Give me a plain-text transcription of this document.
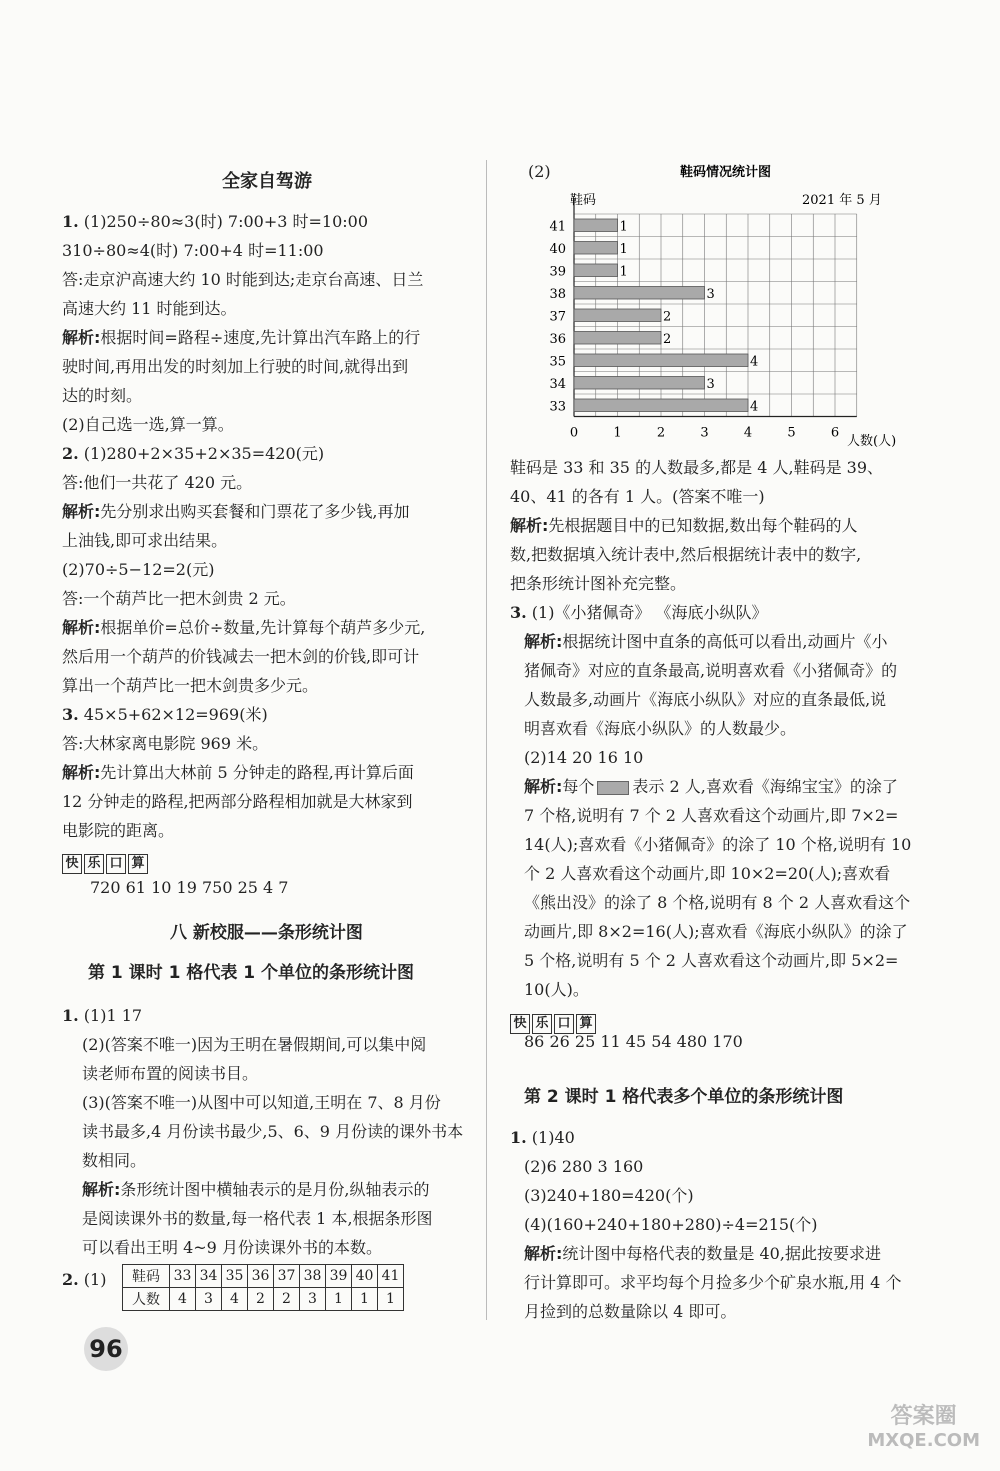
全家自驾游
1. (1)250÷80≈3(时) 7:00+3 时=10:00
310÷80≈4(时) 7:00+4 时=11:00
答:走京沪高速大约 10 时能到达;走京台高速、日兰
高速大约 11 时能到达。
解析:根据时间=路程÷速度,先计算出汽车路上的行
驶时间,再用出发的时刻加上行驶的时间,就得出到
达的时刻。
(2)自己选一选,算一算。
2. (1)280+2×35+2×35=420(元)
答:他们一共花了 420 元。
解析:先分别求出购买套餐和门票花了多少钱,再加
上油钱,即可求出结果。
(2)70÷5−12=2(元)
答:一个葫芦比一把木剑贵 2 元。
解析:根据单价=总价÷数量,先计算每个葫芦多少元,
然后用一个葫芦的价钱减去一把木剑的价钱,即可计
算出一个葫芦比一把木剑贵多少元。
3. 45×5+62×12=969(米)
答:大林家离电影院 969 米。
解析:先计算出大林前 5 分钟走的路程,再计算后面
12 分钟走的路程,把两部分路程相加就是大林家到
电影院的距离。
快 乐 口 算
720 61 10 19 750 25 4 7
八 新校服——条形统计图
第 1 课时 1 格代表 1 个单位的条形统计图
1. (1)1 17
(2)(答案不唯一)因为王明在暑假期间,可以集中阅
读老师布置的阅读书目。
(3)(答案不唯一)从图中可以知道,王明在 7、8 月份
读书最多,4 月份读书最少,5、6、9 月份读的课外书本
数相同。
解析:条形统计图中横轴表示的是月份,纵轴表示的
是阅读课外书的数量,每一格代表 1 本,根据条形图
可以看出王明 4~9 月份读课外书的本数。
2. (1) 鞋码	33	34	35	36	37	38	39	40	41
人数	4	3	4	2	2	3	1	1	1
(2)	鞋码情况统计图
鞋码	2021 年 5 月
1
1
1
3
2
2
4
3
4
41
40
39
38
37
36
35
34
33
0	1	2	3	4	5	6
人数(人)
鞋码是 33 和 35 的人数最多,都是 4 人,鞋码是 39、
40、41 的各有 1 人。(答案不唯一)
解析:先根据题目中的已知数据,数出每个鞋码的人
数,把数据填入统计表中,然后根据统计表中的数字,
把条形统计图补充完整。
3. (1)《小猪佩奇》 《海底小纵队》
解析:根据统计图中直条的高低可以看出,动画片《小
猪佩奇》对应的直条最高,说明喜欢看《小猪佩奇》的
人数最多,动画片《海底小纵队》对应的直条最低,说
明喜欢看《海底小纵队》的人数最少。
(2)14 20 16 10
解析:每个 表示 2 人,喜欢看《海绵宝宝》的涂了
7 个格,说明有 7 个 2 人喜欢看这个动画片,即 7×2=
14(人);喜欢看《小猪佩奇》的涂了 10 个格,说明有 10
个 2 人喜欢看这个动画片,即 10×2=20(人);喜欢看
《熊出没》的涂了 8 个格,说明有 8 个 2 人喜欢看这个
动画片,即 8×2=16(人);喜欢看《海底小纵队》的涂了
5 个格,说明有 5 个 2 人喜欢看这个动画片,即 5×2=
10(人)。
快 乐 口 算
86 26 25 11 45 54 480 170
第 2 课时 1 格代表多个单位的条形统计图
1. (1)40
(2)6 280 3 160
(3)240+180=420(个)
(4)(160+240+180+280)÷4=215(个)
解析:统计图中每格代表的数量是 40,据此按要求进
行计算即可。求平均每个月捡多少个矿泉水瓶,用 4 个
月捡到的总数量除以 4 即可。
96
答案圈
MXQE.COM
